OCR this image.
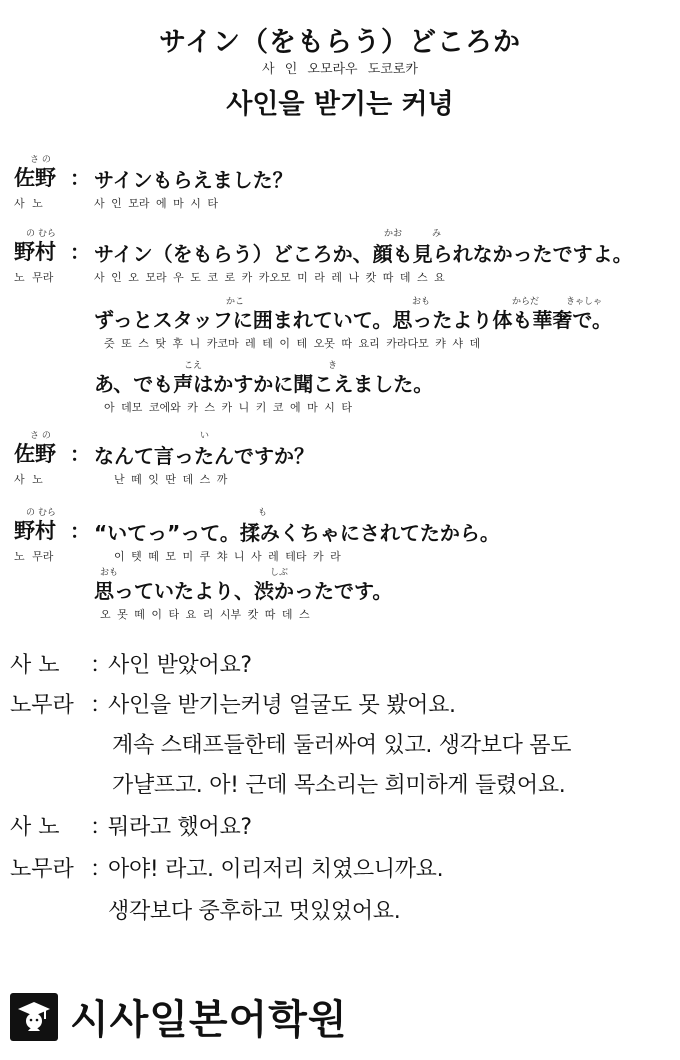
サイン（をもらう）どころか
사 인 오모라우 도코로카
사인을 받기는 커녕
さ の
佐野 ： サインもらえました？
사 노	사 인 모라 에 마 시 타
の むら	かお	み
野村 ： サイン（をもらう）どころか、顔も見られなかったですよ。
노 무라	사 인 오 모라 우 도 코 로 카 카오모 미 라 레 나 캇 따 데 스 요
かこ	おも	からだ	きゃしゃ
ずっとスタッフに囲まれていて。思ったより体も華奢で。
즛 또 스 탓 후 니 카코마 레 테 이 테 오못 따 요리 카라다모 캬 샤 데
こえ	き
あ、でも声はかすかに聞こえました。
아 데모 코에와 카 스 카 니 키 코 에 마 시 타
さ の	い
佐野 ： なんて言ったんですか？
사 노	난 떼 잇 딴 데 스 까
の むら	も
野村 ： “いてっ”って。揉みくちゃにされてたから。
노 무라	이 텟 떼 모 미 쿠 챠 니 사 레 테타 카 라
おも	しぶ
思っていたより、渋かったです。
오 못 떼 이 타 요 리 시부 캇 따 데 스
사 노 ：
사인 받았어요?
노무라 ：
사인을 받기는커녕 얼굴도 못 봤어요.
계속 스태프들한테 둘러싸여 있고. 생각보다 몸도
가냘프고. 아! 근데 목소리는 희미하게 들렸어요.
사 노 ：
뭐라고 했어요?
노무라 ：
아야! 라고. 이리저리 치였으니까요.
생각보다 중후하고 멋있었어요.
시사일본어학원
